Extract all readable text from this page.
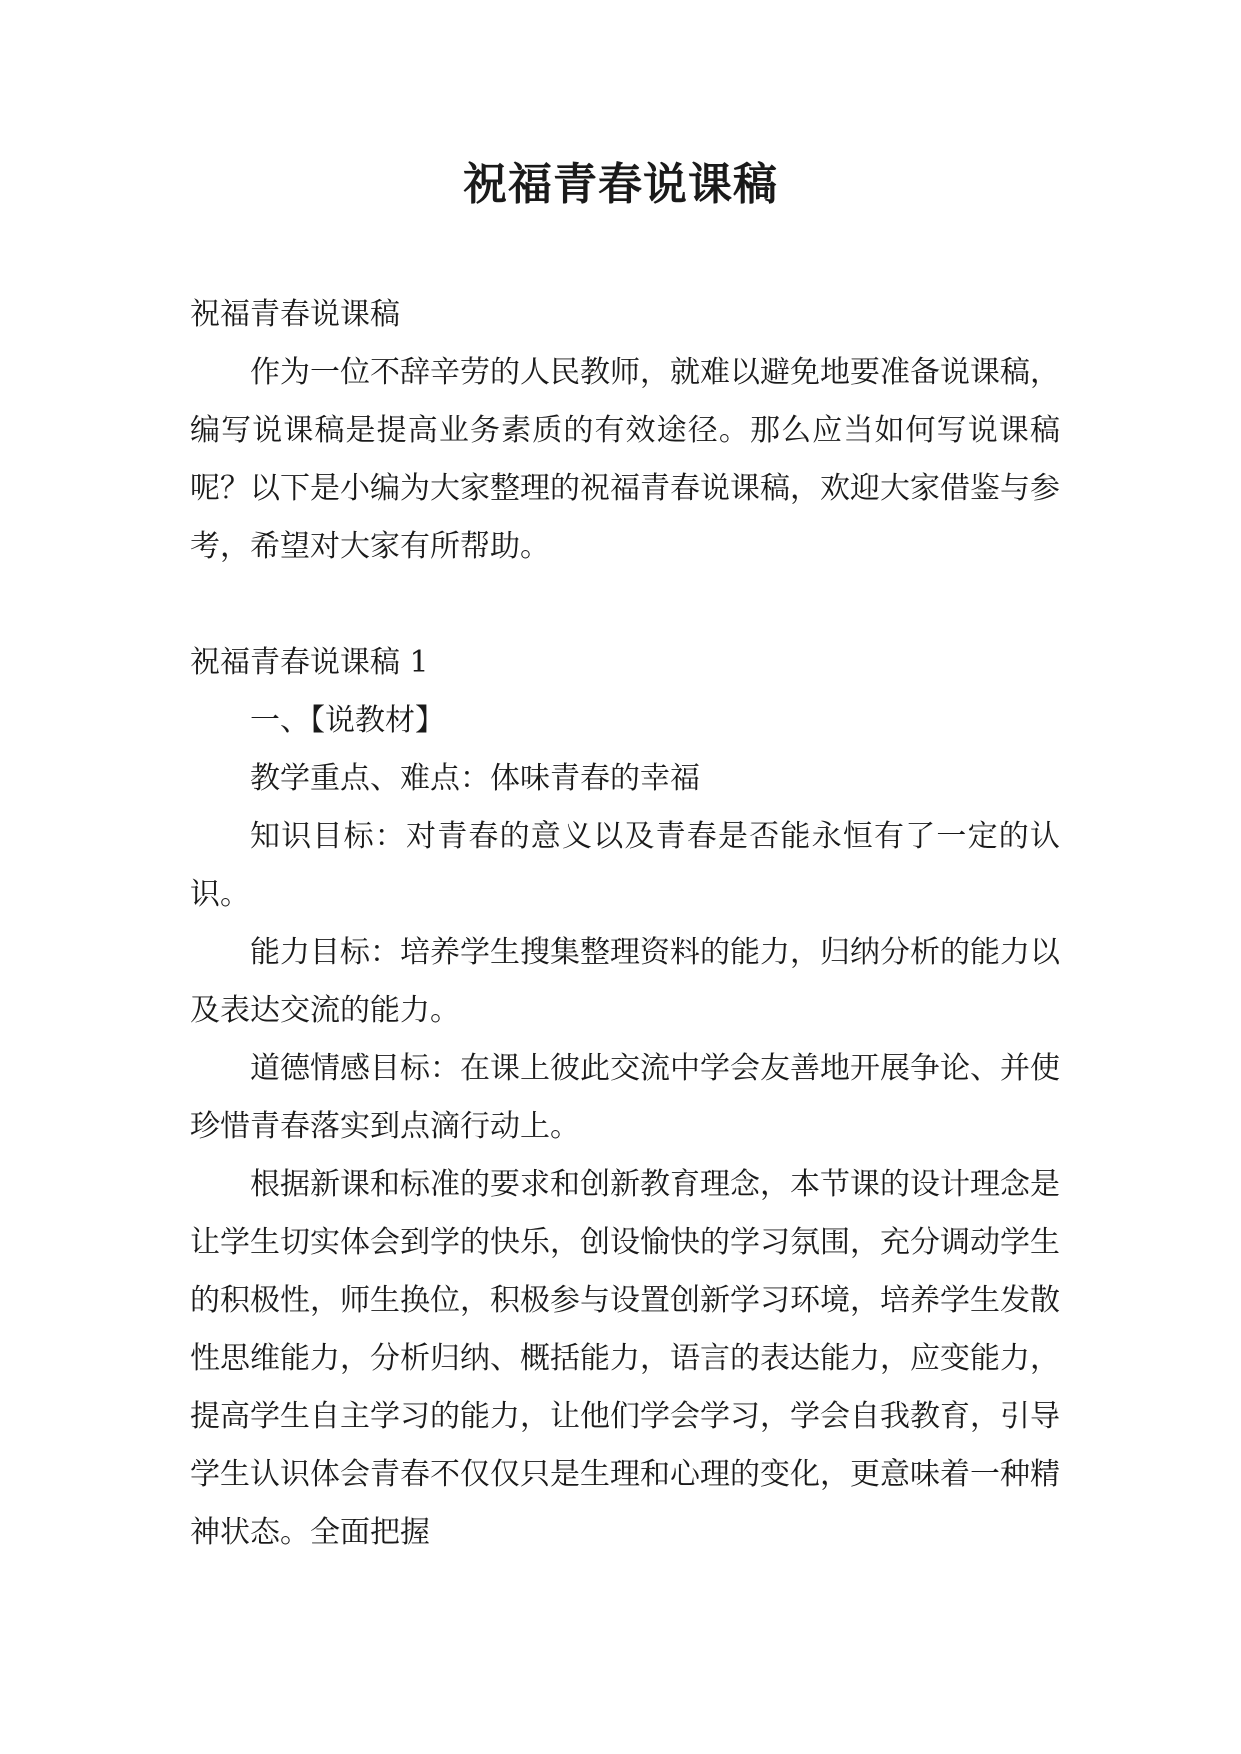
祝福青春说课稿

祝福青春说课稿

作为一位不辞辛劳的人民教师，就难以避免地要准备说课稿，编写说课稿是提高业务素质的有效途径。那么应当如何写说课稿呢？以下是小编为大家整理的祝福青春说课稿，欢迎大家借鉴与参考，希望对大家有所帮助。

祝福青春说课稿 1

一、【说教材】

教学重点、难点：体味青春的幸福

知识目标：对青春的意义以及青春是否能永恒有了一定的认识。

能力目标：培养学生搜集整理资料的能力，归纳分析的能力以及表达交流的能力。

道德情感目标：在课上彼此交流中学会友善地开展争论、并使珍惜青春落实到点滴行动上。

根据新课和标准的要求和创新教育理念，本节课的设计理念是让学生切实体会到学的快乐，创设愉快的学习氛围，充分调动学生的积极性，师生换位，积极参与设置创新学习环境，培养学生发散性思维能力，分析归纳、概括能力，语言的表达能力，应变能力，提高学生自主学习的能力，让他们学会学习，学会自我教育，引导学生认识体会青春不仅仅只是生理和心理的变化，更意味着一种精神状态。全面把握
